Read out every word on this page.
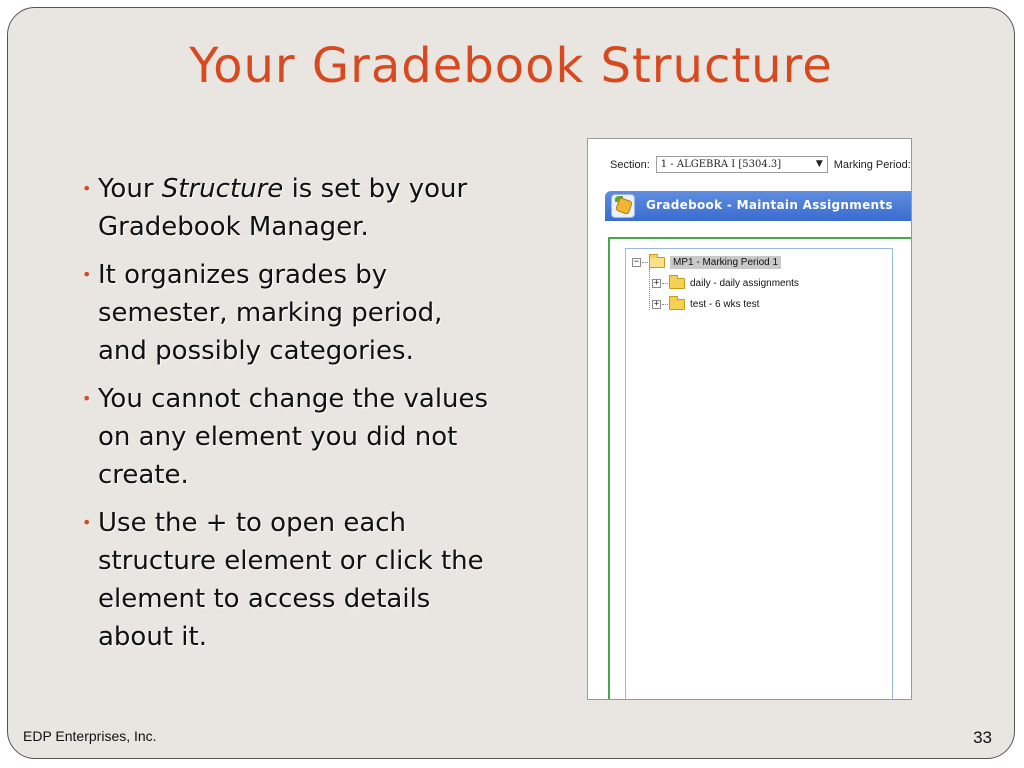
Your Gradebook Structure
• Your Structure is set by your Gradebook Manager.
• It organizes grades by semester, marking period, and possibly categories.
• You cannot change the values on any element you did not create.
• Use the + to open each structure element or click the element to access details about it.
Section:	1 - ALGEBRA I [5304.3]	▼ Marking Period:
Gradebook - Maintain Assignments
−	MP1 - Marking Period 1
+	daily - daily assignments
+	test - 6 wks test
EDP Enterprises, Inc.	33
